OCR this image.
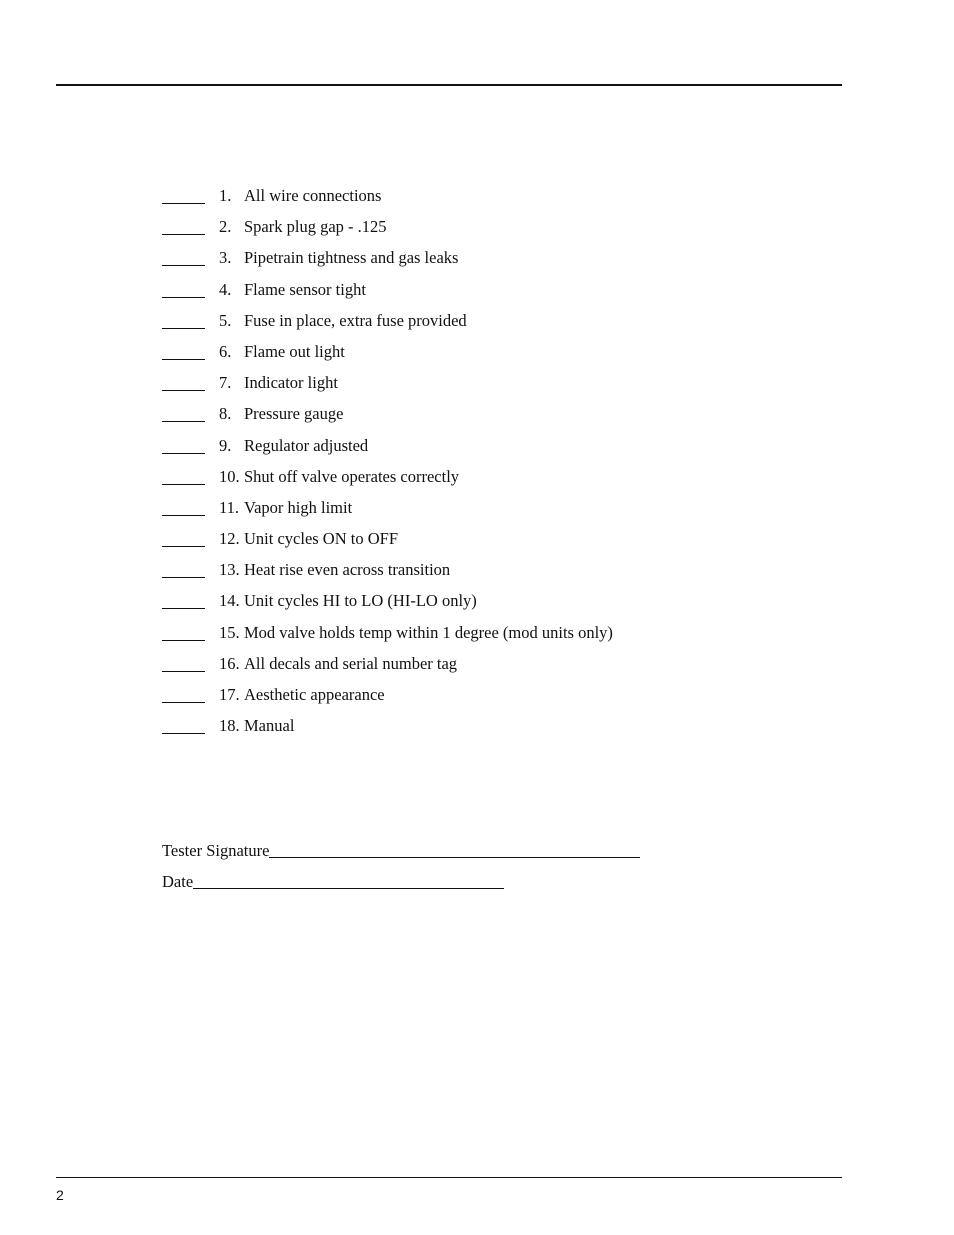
1. All wire connections
2. Spark plug gap - .125
3. Pipetrain tightness and gas leaks
4. Flame sensor tight
5. Fuse in place, extra fuse provided
6. Flame out light
7. Indicator light
8. Pressure gauge
9. Regulator adjusted
10. Shut off valve operates correctly
11. Vapor high limit
12. Unit cycles ON to OFF
13. Heat rise even across transition
14. Unit cycles HI to LO (HI-LO only)
15. Mod valve holds temp within 1 degree (mod units only)
16. All decals and serial number tag
17. Aesthetic appearance
18. Manual
Tester Signature
Date
2
